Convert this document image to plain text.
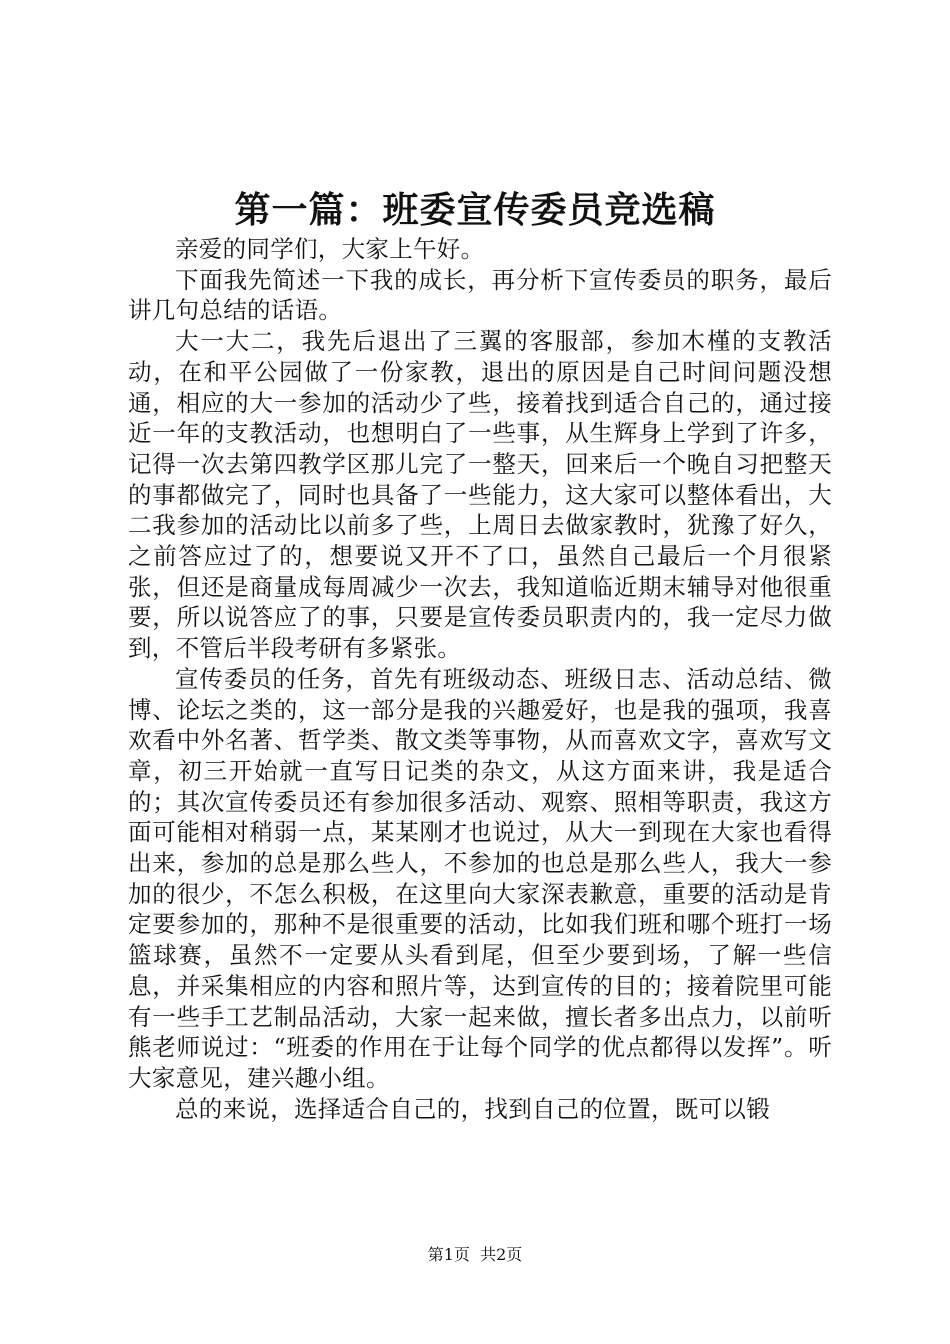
第一篇：班委宣传委员竞选稿

亲爱的同学们，大家上午好。

下面我先简述一下我的成长，再分析下宣传委员的职务，最后讲几句总结的话语。

大一大二，我先后退出了三翼的客服部，参加木槿的支教活动，在和平公园做了一份家教，退出的原因是自己时间问题没想通，相应的大一参加的活动少了些，接着找到适合自己的，通过接近一年的支教活动，也想明白了一些事，从生辉身上学到了许多，记得一次去第四教学区那儿完了一整天，回来后一个晚自习把整天的事都做完了，同时也具备了一些能力，这大家可以整体看出，大二我参加的活动比以前多了些，上周日去做家教时，犹豫了好久，之前答应过了的，想要说又开不了口，虽然自己最后一个月很紧张，但还是商量成每周减少一次去，我知道临近期末辅导对他很重要，所以说答应了的事，只要是宣传委员职责内的，我一定尽力做到，不管后半段考研有多紧张。

宣传委员的任务，首先有班级动态、班级日志、活动总结、微博、论坛之类的，这一部分是我的兴趣爱好，也是我的强项，我喜欢看中外名著、哲学类、散文类等事物，从而喜欢文字，喜欢写文章，初三开始就一直写日记类的杂文，从这方面来讲，我是适合的；其次宣传委员还有参加很多活动、观察、照相等职责，我这方面可能相对稍弱一点，某某刚才也说过，从大一到现在大家也看得出来，参加的总是那么些人，不参加的也总是那么些人，我大一参加的很少，不怎么积极，在这里向大家深表歉意，重要的活动是肯定要参加的，那种不是很重要的活动，比如我们班和哪个班打一场篮球赛，虽然不一定要从头看到尾，但至少要到场，了解一些信息，并采集相应的内容和照片等，达到宣传的目的；接着院里可能有一些手工艺制品活动，大家一起来做，擅长者多出点力，以前听熊老师说过：“班委的作用在于让每个同学的优点都得以发挥”。听大家意见，建兴趣小组。

总的来说，选择适合自己的，找到自己的位置，既可以锻

第1页  共2页
